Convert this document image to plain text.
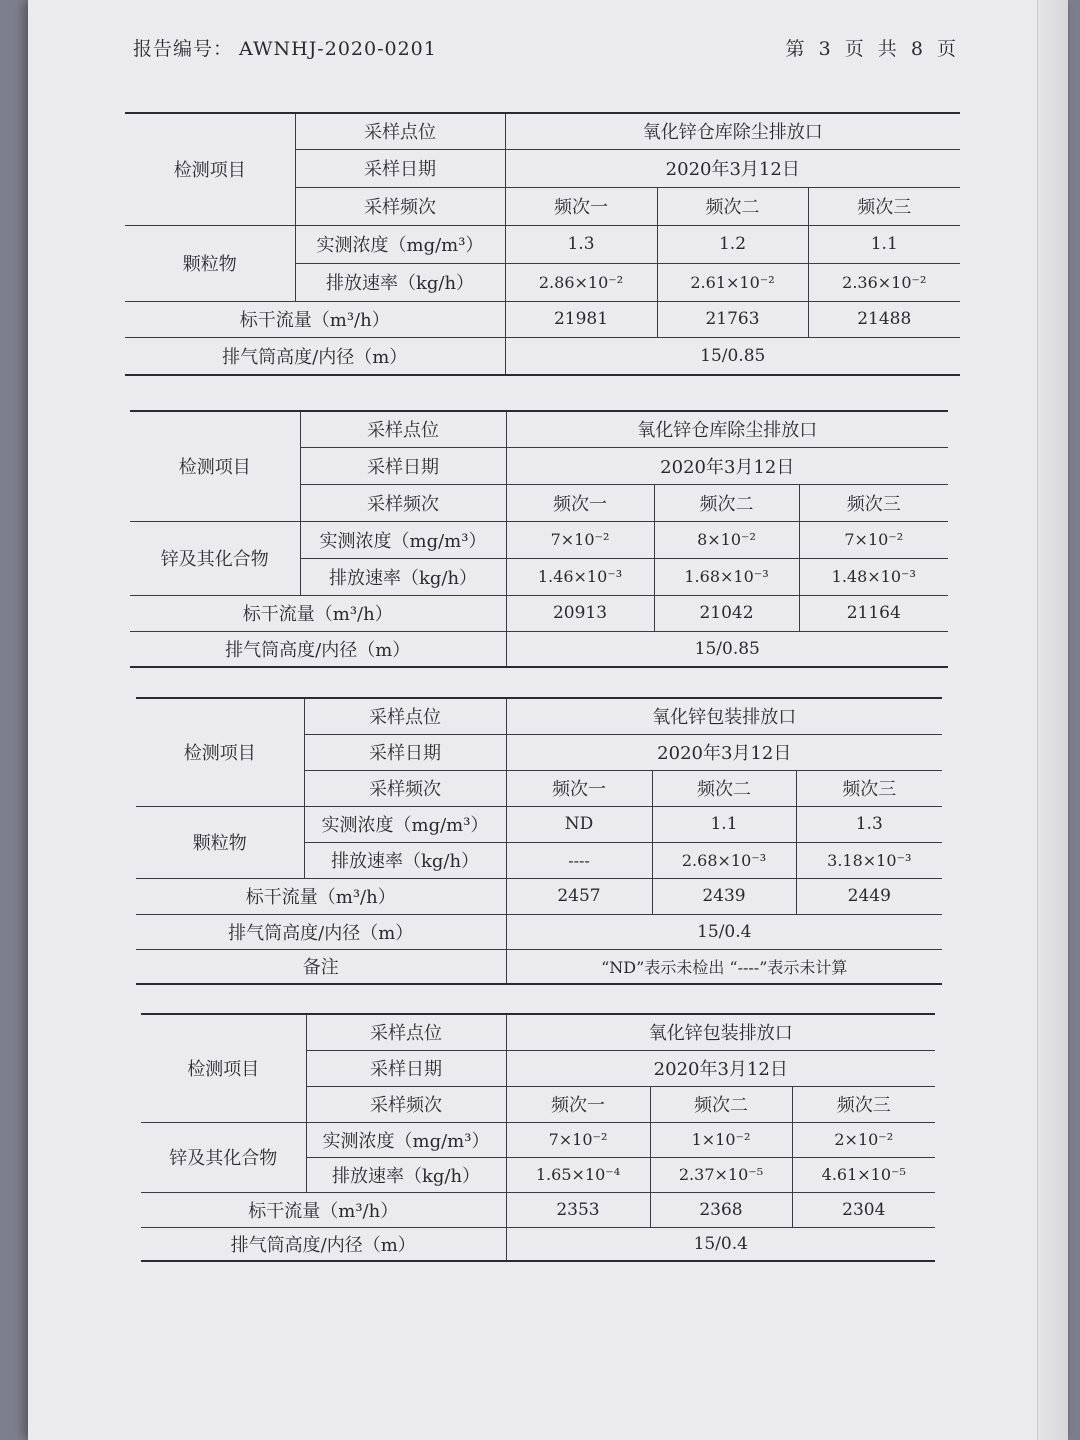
报告编号： AWNHJ-2020-0201	第 3 页 共 8 页
检测项目	采样点位	氧化锌仓库除尘排放口		
	采样日期	2020年3月12日		
	采样频次	频次一	频次二	频次三
颗粒物	实测浓度（mg/m³）	1.3	1.2	1.1
	排放速率（kg/h）	2.86×10⁻²	2.61×10⁻²	2.36×10⁻²
标干流量（m³/h）		21981	21763	21488
排气筒高度/内径（m）		15/0.85		
检测项目	采样点位	氧化锌仓库除尘排放口		
	采样日期	2020年3月12日		
	采样频次	频次一	频次二	频次三
锌及其化合物	实测浓度（mg/m³）	7×10⁻²	8×10⁻²	7×10⁻²
	排放速率（kg/h）	1.46×10⁻³	1.68×10⁻³	1.48×10⁻³
标干流量（m³/h）		20913	21042	21164
排气筒高度/内径（m）		15/0.85		
检测项目	采样点位	氧化锌包装排放口		
	采样日期	2020年3月12日		
	采样频次	频次一	频次二	频次三
颗粒物	实测浓度（mg/m³）	ND	1.1	1.3
	排放速率（kg/h）	----	2.68×10⁻³	3.18×10⁻³
标干流量（m³/h）		2457	2439	2449
排气筒高度/内径（m）		15/0.4		
备注		“ND”表示未检出 “----”表示未计算		
检测项目	采样点位	氧化锌包装排放口		
	采样日期	2020年3月12日		
	采样频次	频次一	频次二	频次三
锌及其化合物	实测浓度（mg/m³）	7×10⁻²	1×10⁻²	2×10⁻²
	排放速率（kg/h）	1.65×10⁻⁴	2.37×10⁻⁵	4.61×10⁻⁵
标干流量（m³/h）		2353	2368	2304
排气筒高度/内径（m）		15/0.4		
